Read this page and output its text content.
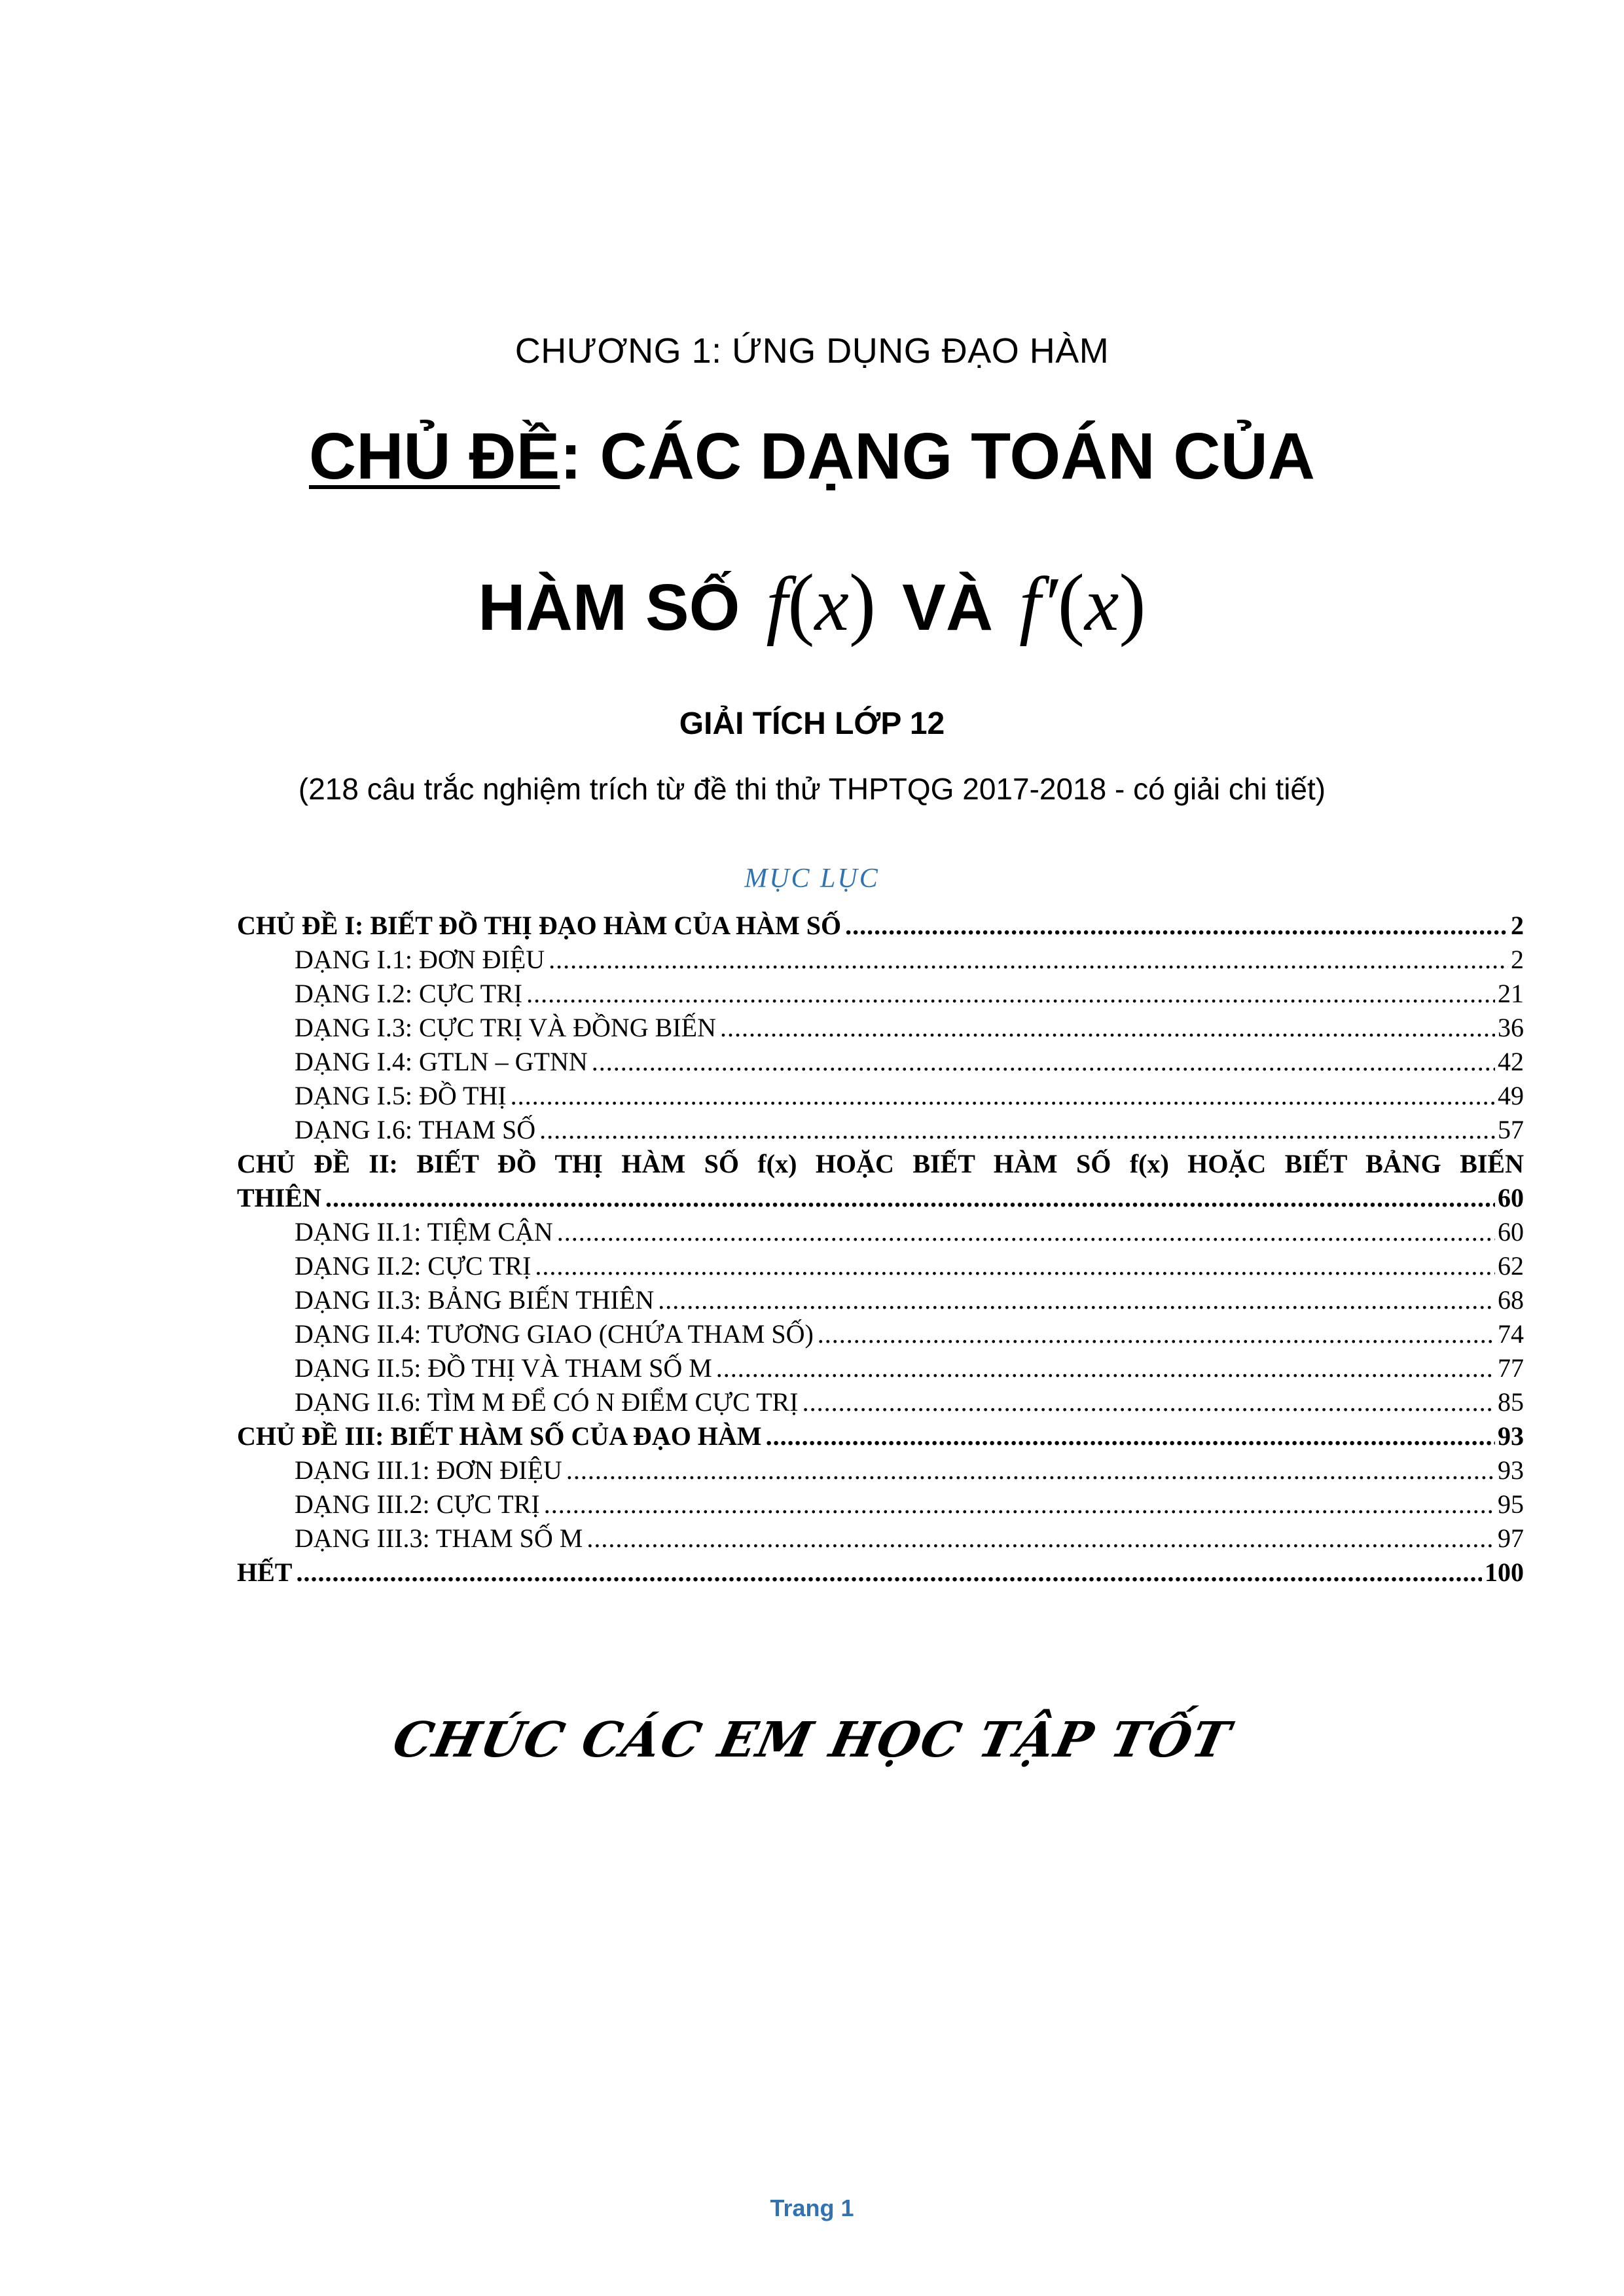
CHƯƠNG 1: ỨNG DỤNG ĐẠO HÀM
CHỦ ĐỀ: CÁC DẠNG TOÁN CỦA
HÀM SỐ f(x) VÀ f′(x)
GIẢI TÍCH LỚP 12
(218 câu trắc nghiệm trích từ đề thi thử THPTQG 2017-2018 - có giải chi tiết)
MỤC LỤC
CHỦ ĐỀ I: BIẾT ĐỒ THỊ ĐẠO HÀM CỦA HÀM SỐ .....	2
DẠNG I.1: ĐƠN ĐIỆU .....	2
DẠNG I.2: CỰC TRỊ .....	21
DẠNG I.3: CỰC TRỊ VÀ ĐỒNG BIẾN .....	36
DẠNG I.4: GTLN – GTNN .....	42
DẠNG I.5: ĐỒ THỊ .....	49
DẠNG I.6: THAM SỐ .....	57
CHỦ ĐỀ II: BIẾT ĐỒ THỊ HÀM SỐ f(x) HOẶC BIẾT HÀM SỐ f(x) HOẶC BIẾT BẢNG BIẾN
THIÊN .....	60
DẠNG II.1: TIỆM CẬN .....	60
DẠNG II.2: CỰC TRỊ .....	62
DẠNG II.3: BẢNG BIẾN THIÊN .....	68
DẠNG II.4: TƯƠNG GIAO (CHỨA THAM SỐ) .....	74
DẠNG II.5: ĐỒ THỊ VÀ THAM SỐ M .....	77
DẠNG II.6: TÌM M ĐỂ CÓ N ĐIỂM CỰC TRỊ .....	85
CHỦ ĐỀ III: BIẾT HÀM SỐ CỦA ĐẠO HÀM .....	93
DẠNG III.1: ĐƠN ĐIỆU .....	93
DẠNG III.2: CỰC TRỊ .....	95
DẠNG III.3: THAM SỐ M .....	97
HẾT .....	100
CHÚC CÁC EM HỌC TẬP TỐT
Trang 1
